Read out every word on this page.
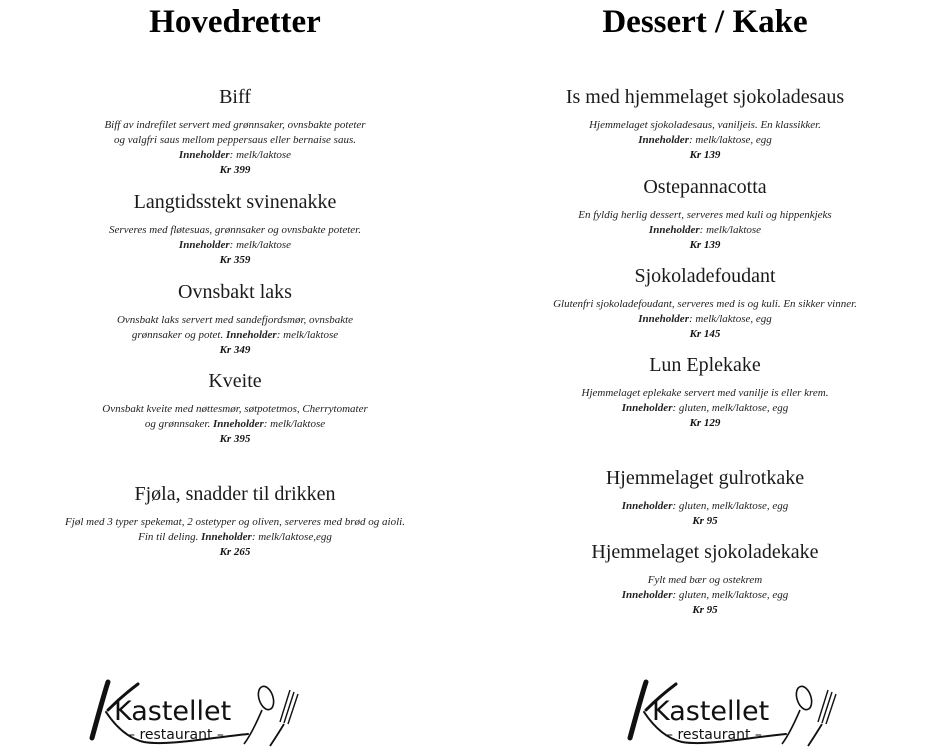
Hovedretter

Biff

Biff av indrefilet servert med grønnsaker, ovnsbakte poteter
og valgfri saus mellom peppersaus eller bernaise saus.

Inneholder: melk/laktose

Kr 399

Langtidsstekt svinenakke

Serveres med fløtesuas, grønnsaker og ovnsbakte poteter.

Inneholder: melk/laktose

Kr 359

Ovnsbakt laks

Ovnsbakt laks servert med sandefjordsmør, ovnsbakte
grønnsaker og potet. Inneholder: melk/laktose

Kr 349

Kveite

Ovnsbakt kveite med nøttesmør, søtpotetmos, Cherrytomater
og grønnsaker. Inneholder: melk/laktose

Kr 395

Fjøla, snadder til drikken

Fjøl med 3 typer spekemat, 2 ostetyper og oliven, serveres med brød og aioli.
Fin til deling. Inneholder: melk/laktose,egg

Kr 265

Kastellet
– restaurant –
Dessert / Kake

Is med hjemmelaget sjokoladesaus

Hjemmelaget sjokoladesaus, vaniljeis. En klassikker.

Inneholder: melk/laktose, egg

Kr 139

Ostepannacotta

En fyldig herlig dessert, serveres med kuli og hippenkjeks

Inneholder: melk/laktose

Kr 139

Sjokoladefoudant

Glutenfri sjokoladefoudant, serveres med is og kuli. En sikker vinner.

Inneholder: melk/laktose, egg

Kr 145

Lun Eplekake

Hjemmelaget eplekake servert med vanilje is eller krem.

Inneholder: gluten, melk/laktose, egg

Kr 129

Hjemmelaget gulrotkake

Inneholder: gluten, melk/laktose, egg

Kr 95

Hjemmelaget sjokoladekake

Fylt med bær og ostekrem

Inneholder: gluten, melk/laktose, egg

Kr 95

Kastellet
– restaurant –
